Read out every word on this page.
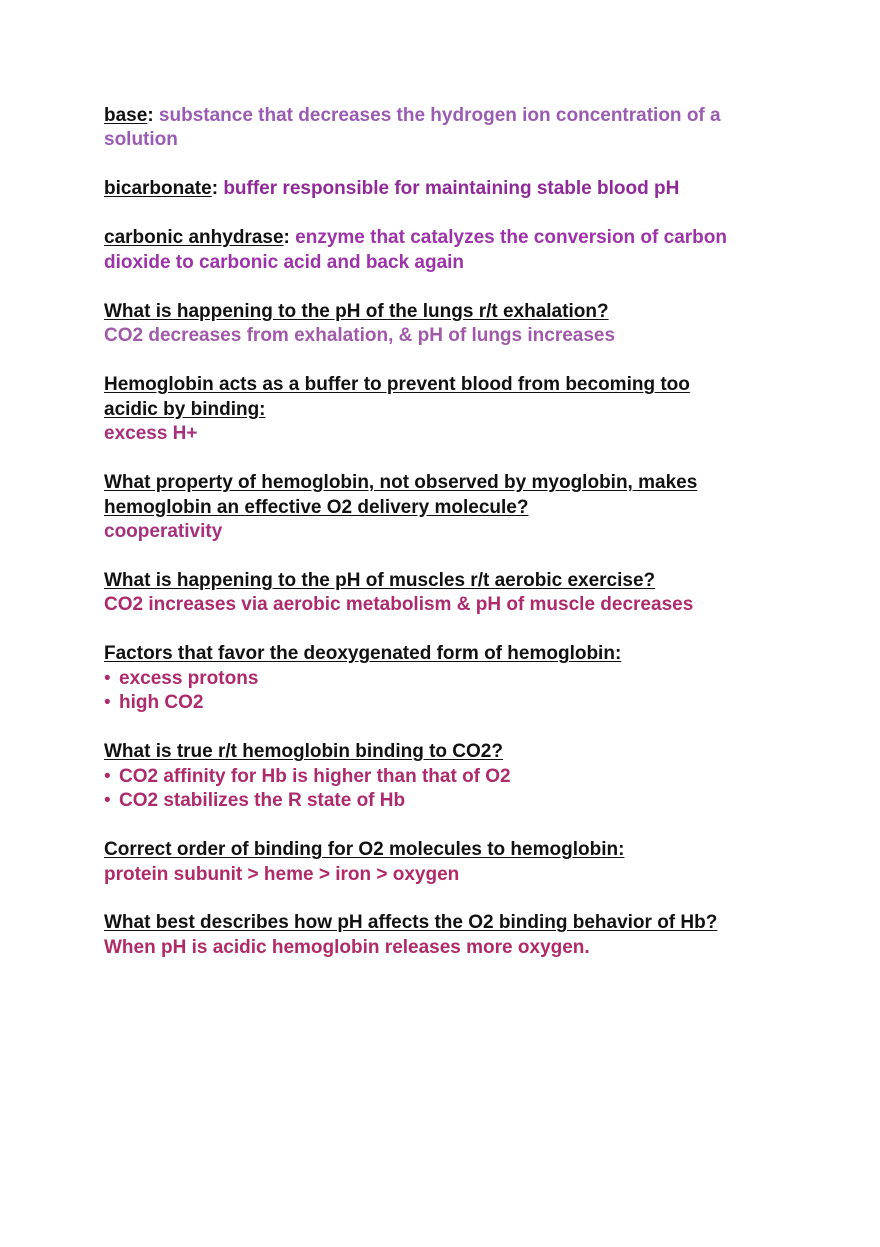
base: substance that decreases the hydrogen ion concentration of a
solution
bicarbonate: buffer responsible for maintaining stable blood pH
carbonic anhydrase: enzyme that catalyzes the conversion of carbon
dioxide to carbonic acid and back again
What is happening to the pH of the lungs r/t exhalation?
CO2 decreases from exhalation, & pH of lungs increases
Hemoglobin acts as a buffer to prevent blood from becoming too
acidic by binding:
excess H+
What property of hemoglobin, not observed by myoglobin, makes
hemoglobin an effective O2 delivery molecule?
cooperativity
What is happening to the pH of muscles r/t aerobic exercise?
CO2 increases via aerobic metabolism & pH of muscle decreases
Factors that favor the deoxygenated form of hemoglobin:
• excess protons
• high CO2
What is true r/t hemoglobin binding to CO2?
• CO2 affinity for Hb is higher than that of O2
• CO2 stabilizes the R state of Hb
Correct order of binding for O2 molecules to hemoglobin:
protein subunit > heme > iron > oxygen
What best describes how pH affects the O2 binding behavior of Hb?
When pH is acidic hemoglobin releases more oxygen.
